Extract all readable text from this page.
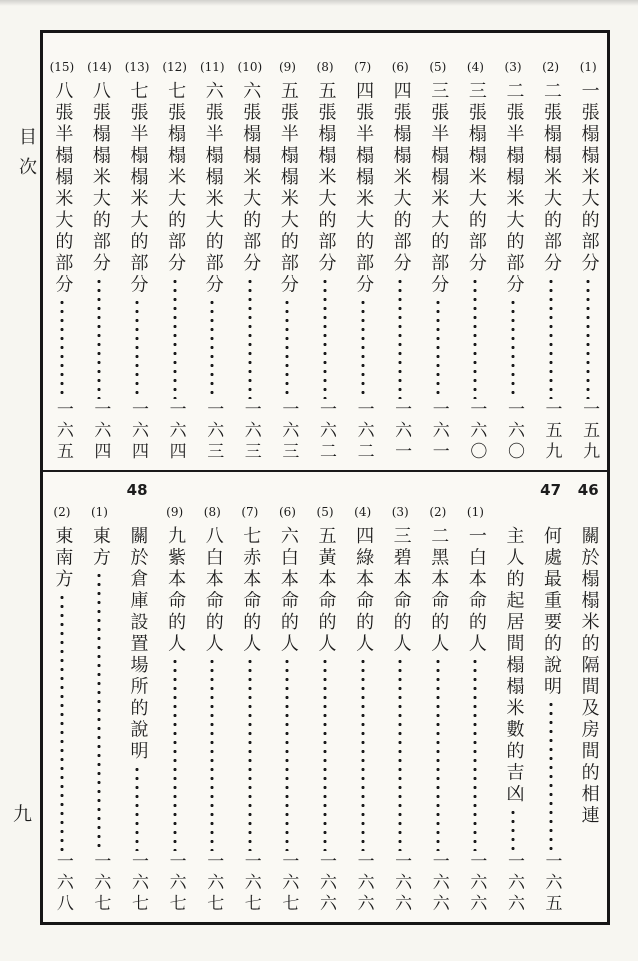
目次
九
(1)
一張榻榻米大的部分
一五九
(2)
二張榻榻米大的部分
一五九
(3)
二張半榻榻米大的部分
一六〇
(4)
三張榻榻米大的部分
一六〇
(5)
三張半榻榻米大的部分
一六一
(6)
四張榻榻米大的部分
一六一
(7)
四張半榻榻米大的部分
一六二
(8)
五張榻榻米大的部分
一六二
(9)
五張半榻榻米大的部分
一六三
(10)
六張榻榻米大的部分
一六三
(11)
六張半榻榻米大的部分
一六三
(12)
七張榻榻米大的部分
一六四
(13)
七張半榻榻米大的部分
一六四
(14)
八張榻榻米大的部分
一六四
(15)
八張半榻榻米大的部分
一六五
46
關於榻榻米的隔間及房間的相連
47
何處最重要的說明
一六五
主人的起居間榻榻米數的吉凶
一六六
(1)
一白本命的人
一六六
(2)
二黑本命的人
一六六
(3)
三碧本命的人
一六六
(4)
四綠本命的人
一六六
(5)
五黃本命的人
一六六
(6)
六白本命的人
一六七
(7)
七赤本命的人
一六七
(8)
八白本命的人
一六七
(9)
九紫本命的人
一六七
48
關於倉庫設置場所的說明
一六七
(1)
東方
一六七
(2)
東南方
一六八
